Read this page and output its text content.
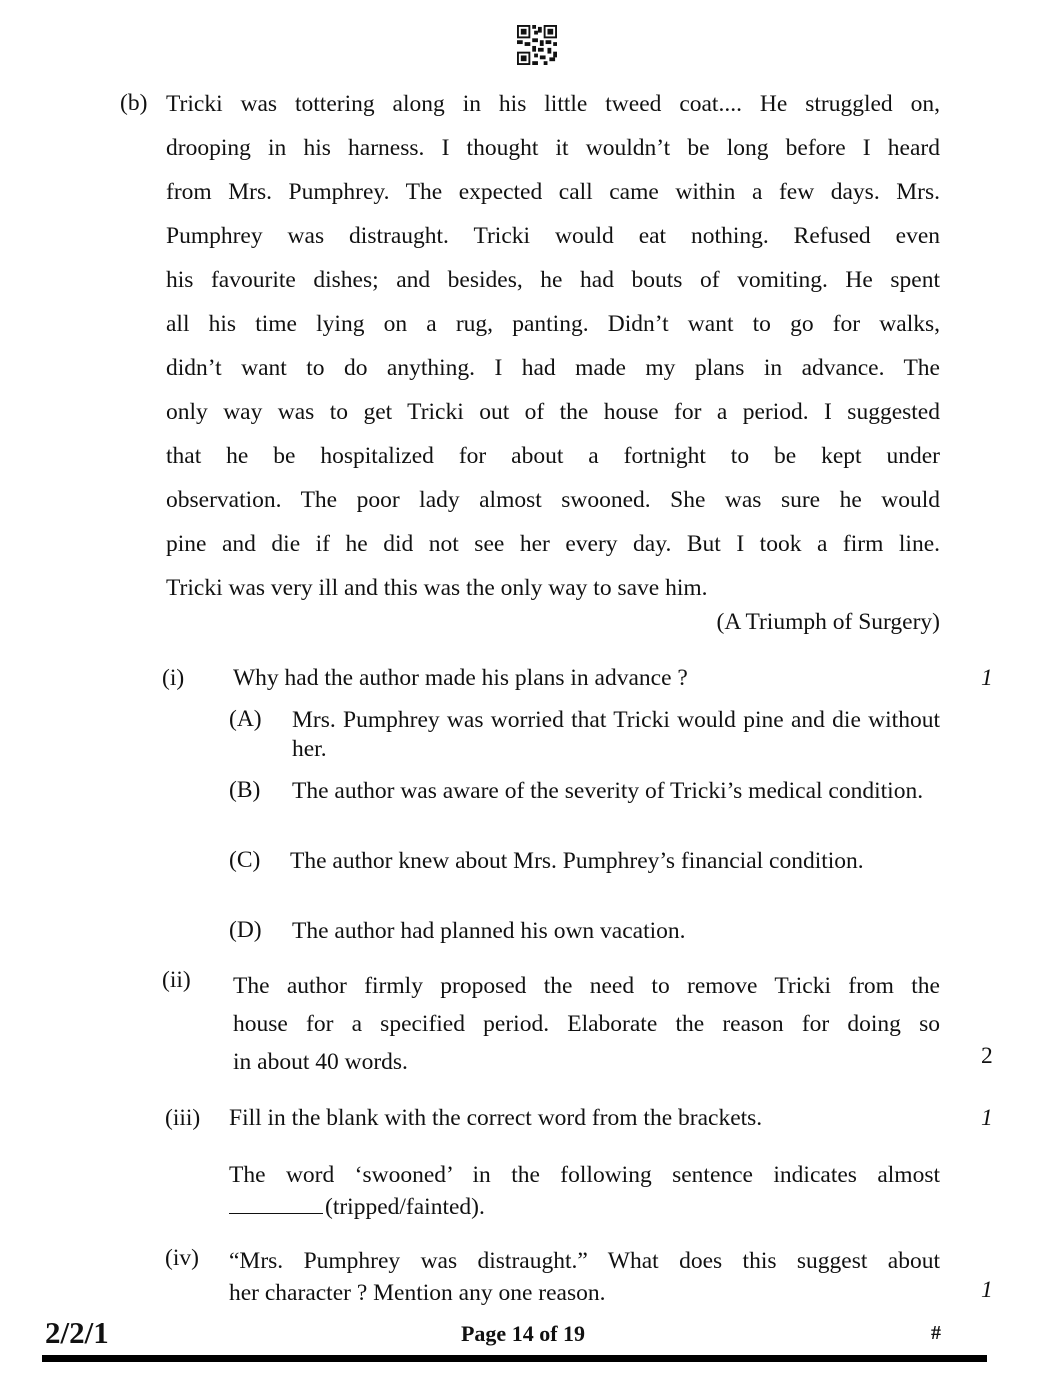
(b) Tricki was tottering along in his little tweed coat.... He struggled on,
drooping in his harness. I thought it wouldn’t be long before I heard
from Mrs. Pumphrey. The expected call came within a few days. Mrs.
Pumphrey was distraught. Tricki would eat nothing. Refused even
his favourite dishes; and besides, he had bouts of vomiting. He spent
all his time lying on a rug, panting. Didn’t want to go for walks,
didn’t want to do anything. I had made my plans in advance. The
only way was to get Tricki out of the house for a period. I suggested
that he be hospitalized for about a fortnight to be kept under
observation. The poor lady almost swooned. She was sure he would
pine and die if he did not see her every day. But I took a firm line.
Tricki was very ill and this was the only way to save him.
(A Triumph of Surgery)
(i) Why had the author made his plans in advance ?	1
(A) Mrs. Pumphrey was worried that Tricki would pine and die without her.
(B) The author was aware of the severity of Tricki’s medical condition.
(C) The author knew about Mrs. Pumphrey’s financial condition.
(D) The author had planned his own vacation.
(ii) The author firmly proposed the need to remove Tricki from the
house for a specified period. Elaborate the reason for doing so
in about 40 words.	2
(iii) Fill in the blank with the correct word from the brackets.	1
The word ‘swooned’ in the following sentence indicates almost
(tripped/fainted).
(iv) “Mrs. Pumphrey was distraught.” What does this suggest about
her character ? Mention any one reason.	1
2/2/1	Page 14 of 19	#
